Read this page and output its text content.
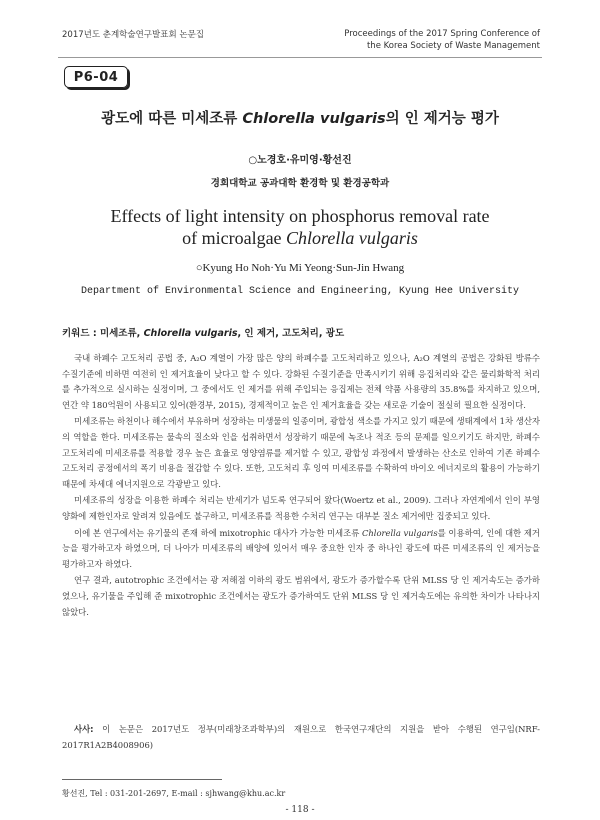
2017년도 춘계학술연구발표회 논문집	Proceedings of the 2017 Spring Conference of
the Korea Society of Waste Management
P6-04
광도에 따른 미세조류 Chlorella vulgaris의 인 제거능 평가
○노경호·유미영·황선진
경희대학교 공과대학 환경학 및 환경공학과
Effects of light intensity on phosphorus removal rate
of microalgae Chlorella vulgaris
○Kyung Ho Noh·Yu Mi Yeong·Sun-Jin Hwang
Department of Environmental Science and Engineering, Kyung Hee University
키워드 : 미세조류, Chlorella vulgaris, 인 제거, 고도처리, 광도

국내 하폐수 고도처리 공법 중, A₂O 계열이 가장 많은 양의 하폐수를 고도처리하고 있으나, A₂O 계열의 공법은 강화된 방류수 수질기준에 비하면 여전히 인 제거효율이 낮다고 할 수 있다. 강화된 수질기준을 만족시키기 위해 응집처리와 같은 물리화학적 처리를 추가적으로 실시하는 실정이며, 그 중에서도 인 제거를 위해 주입되는 응집제는 전체 약품 사용량의 35.8%를 차지하고 있으며, 연간 약 180억원이 사용되고 있어(환경부, 2015), 경제적이고 높은 인 제거효율을 갖는 새로운 기술이 절실히 필요한 실정이다.

미세조류는 하천이나 해수에서 부유하며 성장하는 미생물의 일종이며, 광합성 색소를 가지고 있기 때문에 생태계에서 1차 생산자의 역할을 한다. 미세조류는 물속의 질소와 인을 섭취하면서 성장하기 때문에 녹조나 적조 등의 문제를 일으키기도 하지만, 하폐수 고도처리에 미세조류를 적용할 경우 높은 효율로 영양염류를 제거할 수 있고, 광합성 과정에서 발생하는 산소로 인하여 기존 하폐수 고도처리 공정에서의 폭기 비용을 절감할 수 있다. 또한, 고도처리 후 잉여 미세조류를 수확하여 바이오 에너지로의 활용이 가능하기 때문에 차세대 에너지원으로 각광받고 있다.

미세조류의 성장을 이용한 하폐수 처리는 반세기가 넘도록 연구되어 왔다(Woertz et al., 2009). 그러나 자연계에서 인이 부영양화에 제한인자로 알려져 있음에도 불구하고, 미세조류를 적용한 수처리 연구는 대부분 질소 제거에만 집중되고 있다.

이에 본 연구에서는 유기물의 존재 하에 mixotrophic 대사가 가능한 미세조류 Chlorella vulgaris를 이용하여, 인에 대한 제거능을 평가하고자 하였으며, 더 나아가 미세조류의 배양에 있어서 매우 중요한 인자 중 하나인 광도에 따른 미세조류의 인 제거능을 평가하고자 하였다.

연구 결과, autotrophic 조건에서는 광 저해점 이하의 광도 범위에서, 광도가 증가할수록 단위 MLSS 당 인 제거속도는 증가하였으나, 유기물을 주입해 준 mixotrophic 조건에서는 광도가 증가하여도 단위 MLSS 당 인 제거속도에는 유의한 차이가 나타나지 않았다.

사사: 이 논문은 2017년도 정부(미래창조과학부)의 재원으로 한국연구재단의 지원을 받아 수행된 연구임(NRF-2017R1A2B4008906)
황선진, Tel : 031-201-2697, E-mail : sjhwang@khu.ac.kr
- 118 -
